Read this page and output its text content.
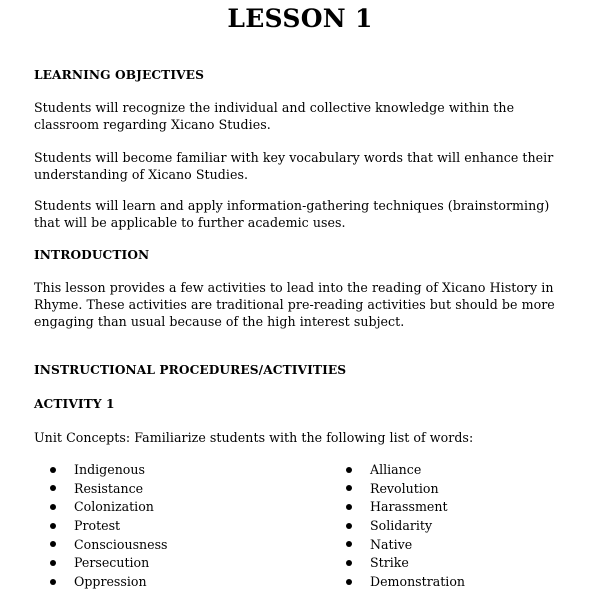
LESSON 1
LEARNING OBJECTIVES
Students will recognize the individual and collective knowledge within the classroom regarding Xicano Studies.
Students will become familiar with key vocabulary words that will enhance their understanding of Xicano Studies.
Students will learn and apply information-gathering techniques (brainstorming) that will be applicable to further academic uses.
INTRODUCTION
This lesson provides a few activities to lead into the reading of Xicano History in Rhyme. These activities are traditional pre-reading activities but should be more engaging than usual because of the high interest subject.
INSTRUCTIONAL PROCEDURES/ACTIVITIES
ACTIVITY 1
Unit Concepts: Familiarize students with the following list of words:
Indigenous
Resistance
Colonization
Protest
Consciousness
Persecution
Oppression
Alliance
Revolution
Harassment
Solidarity
Native
Strike
Demonstration
